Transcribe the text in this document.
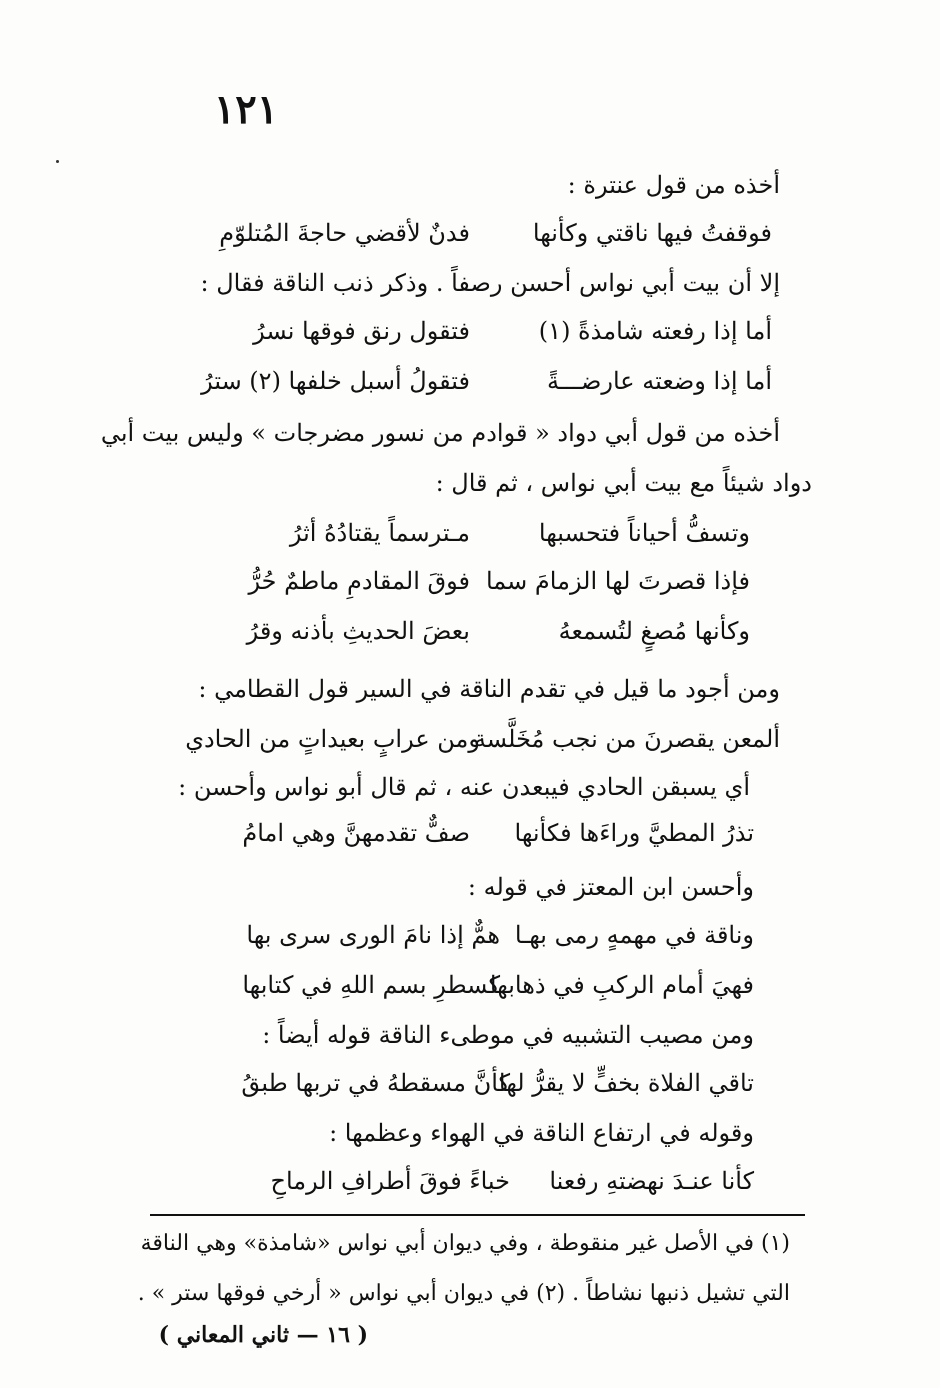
١٢١
أخذه من قول عنترة :
فوقفتُ فيها ناقتي وكأنها
فدنٌ لأقضي حاجةَ المُتلوّمِ
إلا أن بيت أبي نواس أحسن رصفاً . وذكر ذنب الناقة فقال :
أما إذا رفعته شامذةً (١)
فتقول رنق فوقها نسرُ
أما إذا وضعته عارضـــةً
فتقولُ أسبل خلفها (٢) سترُ
أخذه من قول أبي دواد « قوادم من نسور مضرجات » وليس بيت أبي
دواد شيئاً مع بيت أبي نواس ، ثم قال :
وتسفُّ أحياناً فتحسبها
مـترسماً يقتادُهُ أثرُ
فإذا قصرتَ لها الزمامَ سما
فوقَ المقادمِ ماطمٌ حُرُّ
وكأنها مُصغٍ لتُسمعهُ
بعضَ الحديثِ بأذنه وقرُ
ومن أجود ما قيل في تقدم الناقة في السير قول القطامي :
ألمعن يقصرنَ من نجب مُخَلَّسة
ومن عرابٍ بعيداتٍ من الحادي
أي يسبقن الحادي فيبعدن عنه ، ثم قال أبو نواس وأحسن :
تذرُ المطيَّ وراءَها فكأنها
صفٌّ تقدمهنَّ وهي امامُ
وأحسن ابن المعتز في قوله :
وناقة في مهمهٍ رمى بهـا
همٌّ إذا نامَ الورى سرى بها
فهيَ أمام الركبِ في ذهابها
كسطرِ بسم اللهِ في كتابها
ومن مصيب التشبيه في موطىء الناقة قوله أيضاً :
تاقي الفلاة بخفٍّ لا يقرُّ لها
كأنَّ مسقطهُ في تربها طبقُ
وقوله في ارتفاع الناقة في الهواء وعظمها :
كأنا عنـدَ نهضتهِ رفعنا
خباءً فوقَ أطرافِ الرماحِ
(١) في الأصل غير منقوطة ، وفي ديوان أبي نواس «شامذة» وهي الناقة
التي تشيل ذنبها نشاطاً . (٢) في ديوان أبي نواس « أرخي فوقها ستر » .
( ١٦ — ثاني المعاني )
